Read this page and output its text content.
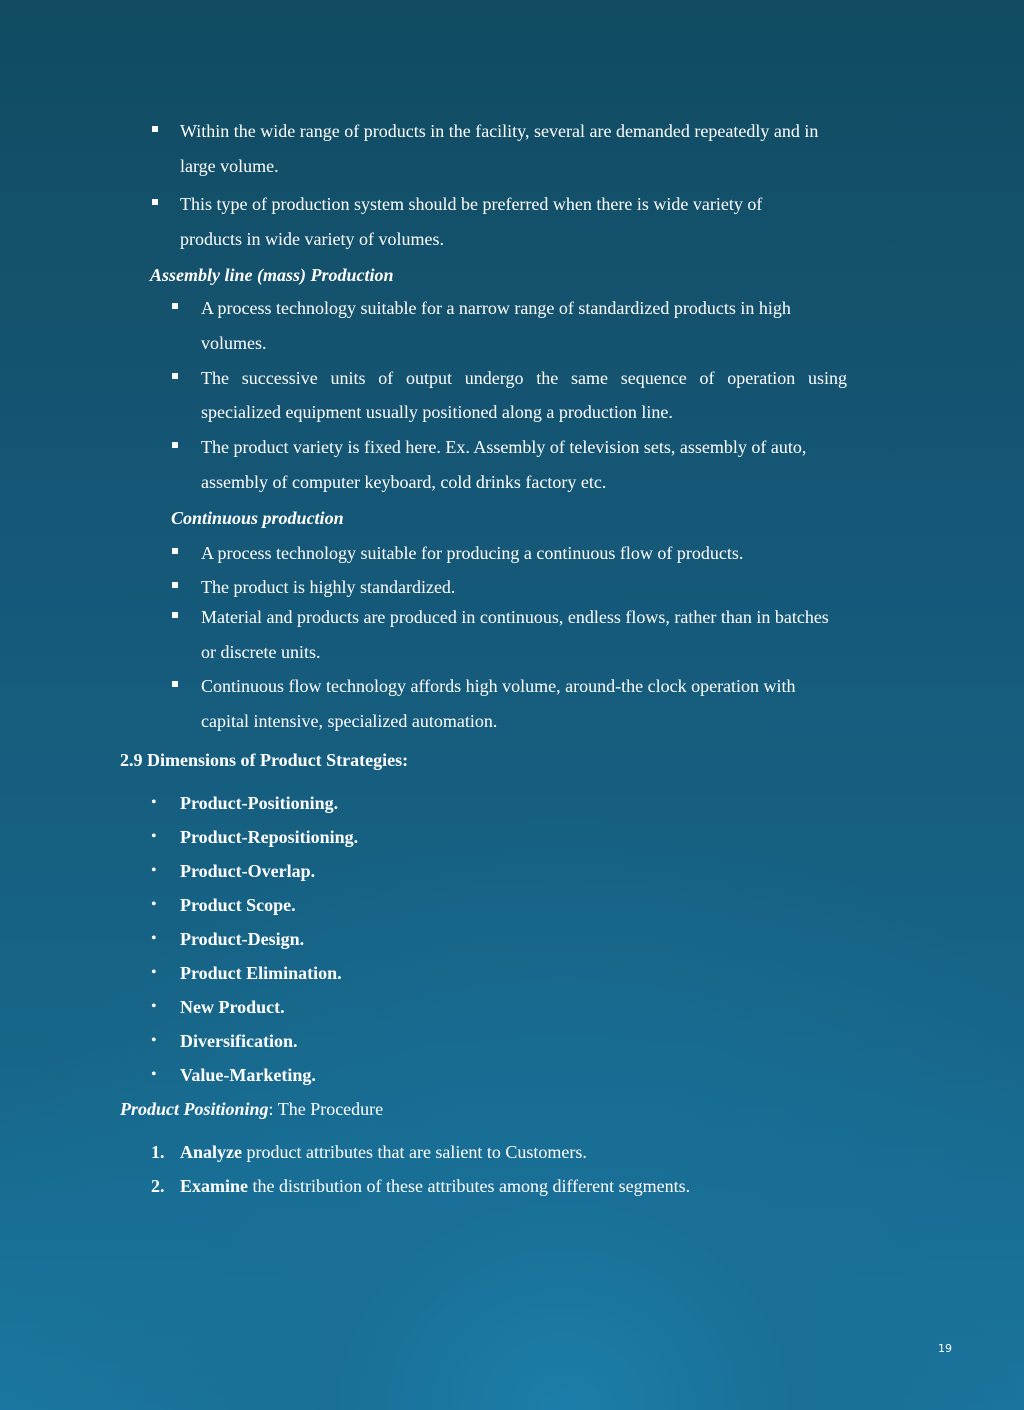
Within the wide range of products in the facility, several are demanded repeatedly and in
large volume.
This type of production system should be preferred when there is wide variety of
products in wide variety of volumes.
Assembly line (mass) Production
A process technology suitable for a narrow range of standardized products in high
volumes.
The successive units of output undergo the same sequence of operation using
specialized equipment usually positioned along a production line.
The product variety is fixed here. Ex. Assembly of television sets, assembly of auto,
assembly of computer keyboard, cold drinks factory etc.
Continuous production
A process technology suitable for producing a continuous flow of products.
The product is highly standardized.
Material and products are produced in continuous, endless flows, rather than in batches
or discrete units.
Continuous flow technology affords high volume, around-the clock operation with
capital intensive, specialized automation.
2.9 Dimensions of Product Strategies:
• Product-Positioning.
• Product-Repositioning.
• Product-Overlap.
• Product Scope.
• Product-Design.
• Product Elimination.
• New Product.
• Diversification.
• Value-Marketing.
Product Positioning: The Procedure
1. Analyze product attributes that are salient to Customers.
2. Examine the distribution of these attributes among different segments.
19
